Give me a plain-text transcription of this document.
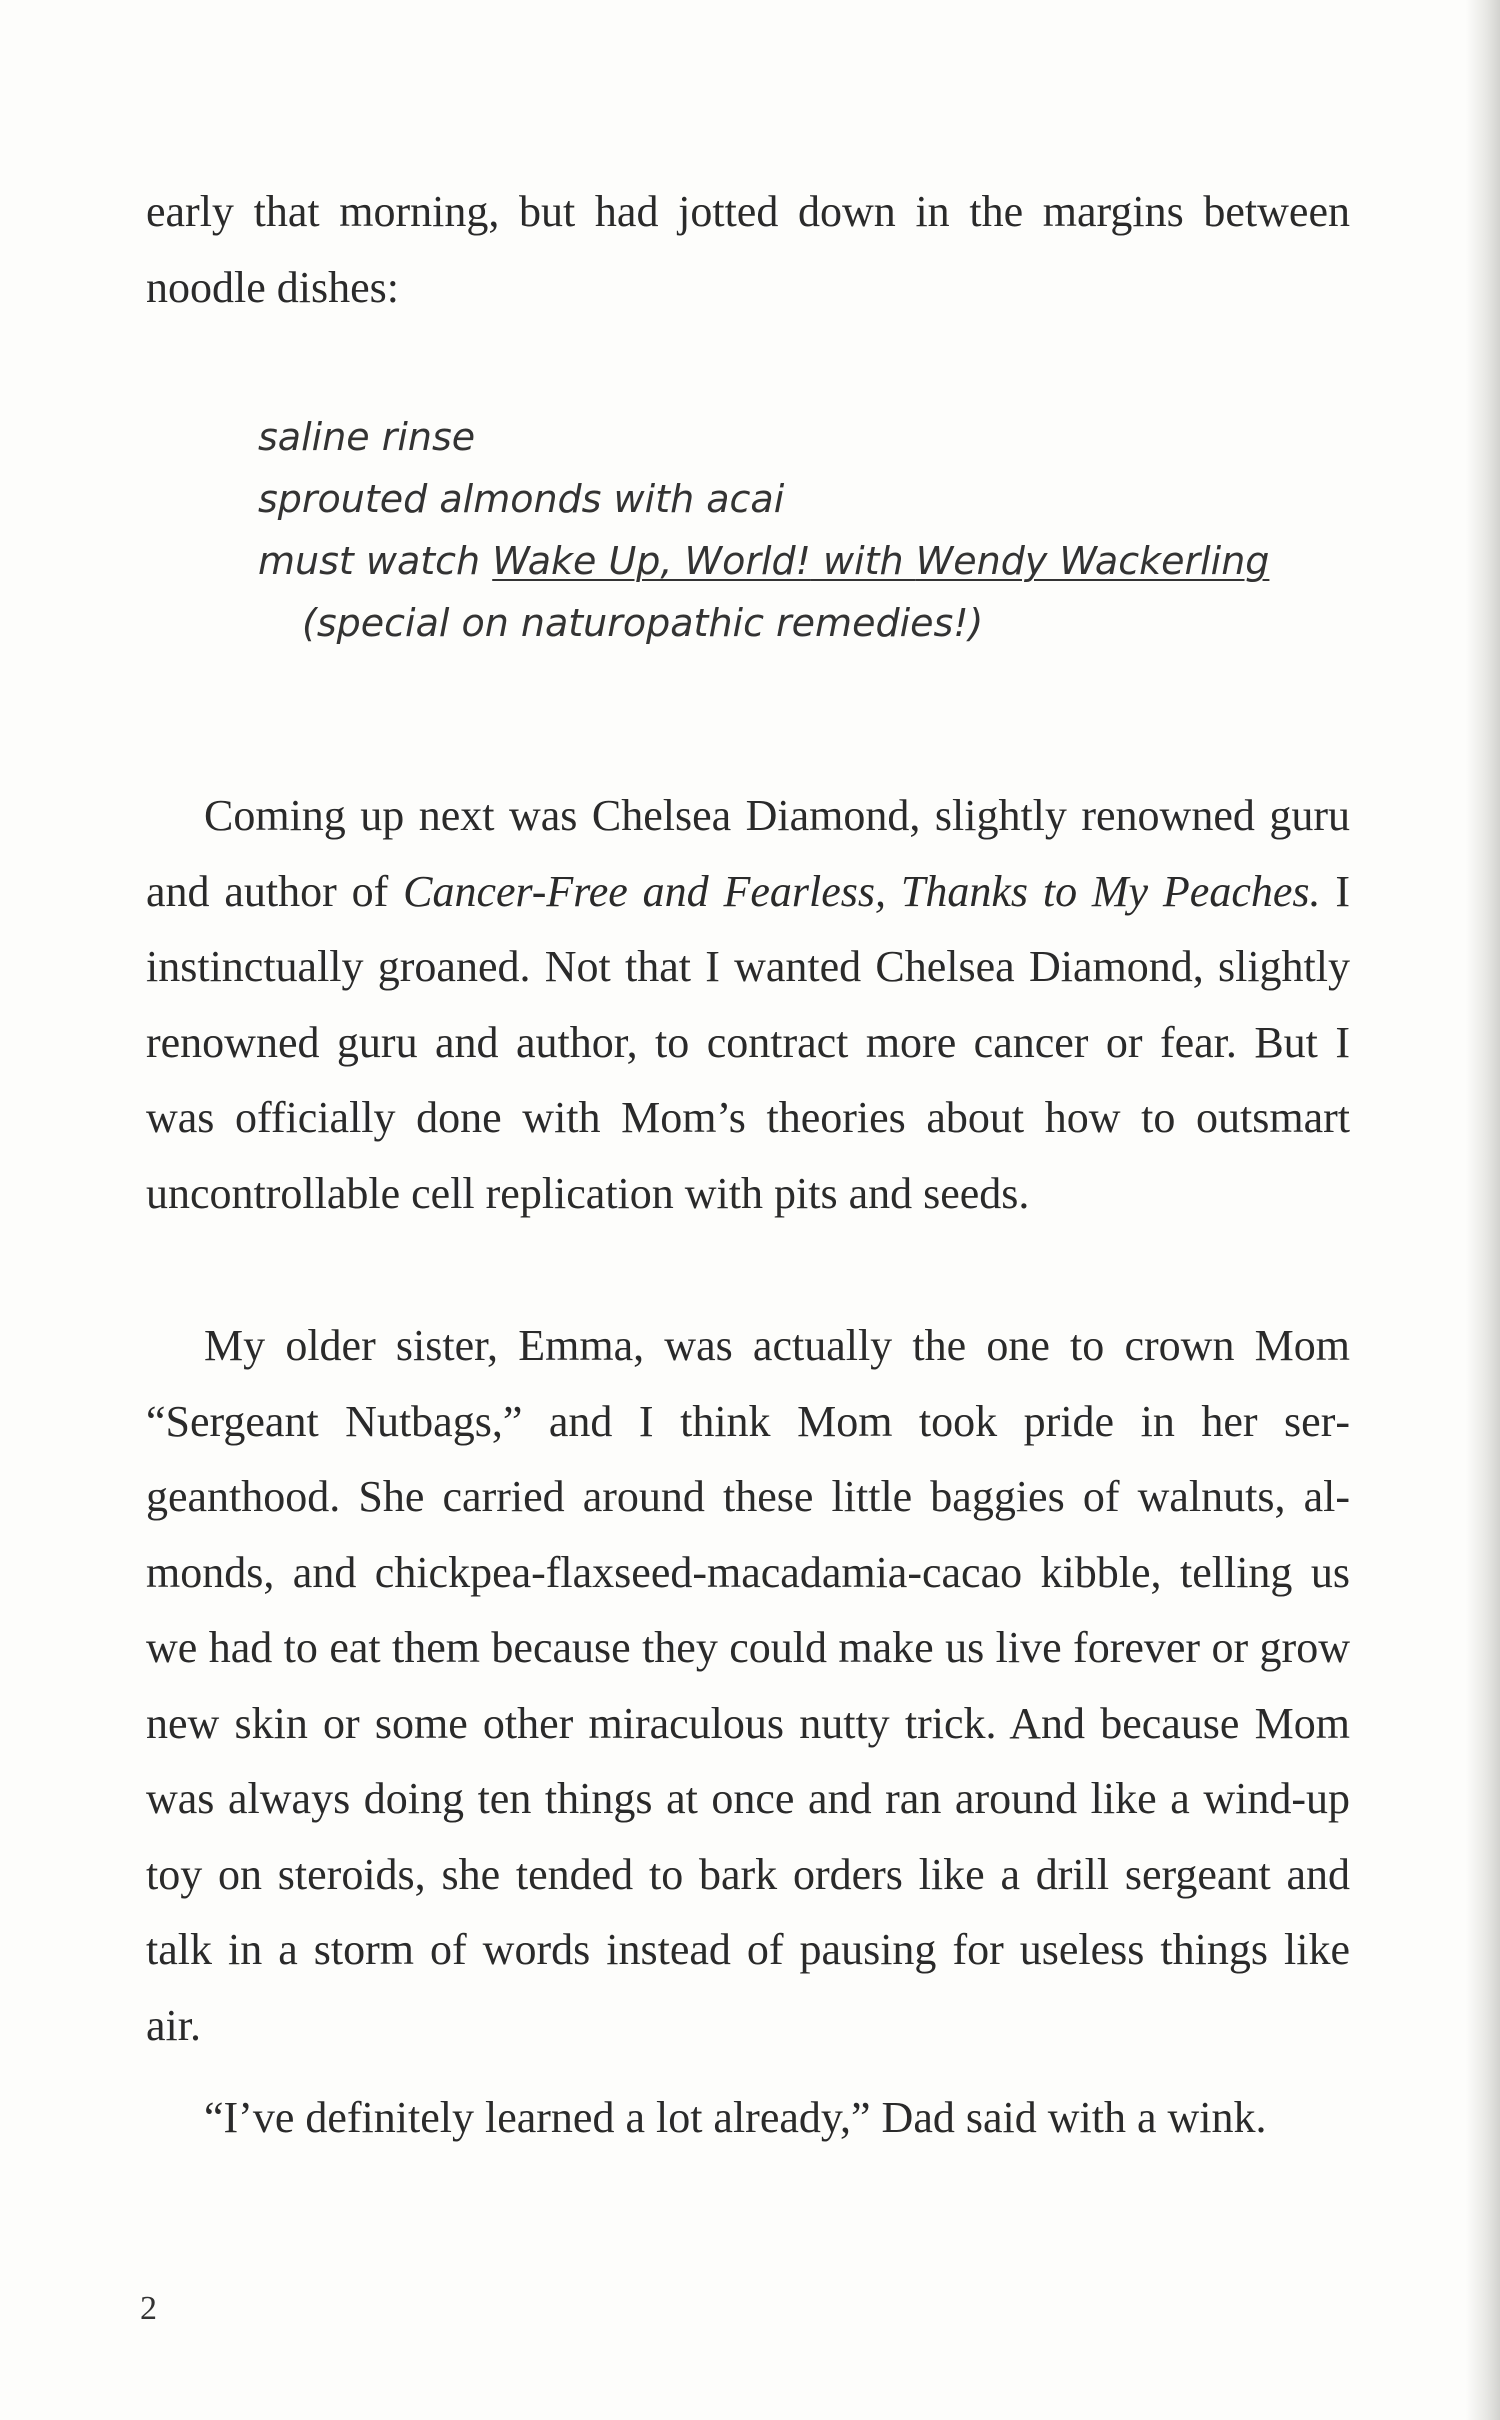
early that morning, but had jotted down in the margins between noodle dishes:

saline rinse
sprouted almonds with acai
must watch Wake Up, World! with Wendy Wackerling
(special on naturopathic remedies!)

Coming up next was Chelsea Diamond, slightly renowned guru and author of Cancer-Free and Fearless, Thanks to My Peaches. I instinctually groaned. Not that I wanted Chelsea Diamond, slightly renowned guru and author, to contract more cancer or fear. But I was officially done with Mom’s theories about how to outsmart uncontrollable cell replication with pits and seeds.

My older sister, Emma, was actually the one to crown Mom “Sergeant Nutbags,” and I think Mom took pride in her sergeanthood. She carried around these little baggies of walnuts, almonds, and chickpea-flaxseed-macadamia-cacao kibble, telling us we had to eat them because they could make us live forever or grow new skin or some other miraculous nutty trick. And because Mom was always doing ten things at once and ran around like a wind-up toy on steroids, she tended to bark orders like a drill sergeant and talk in a storm of words instead of pausing for useless things like air.

“I’ve definitely learned a lot already,” Dad said with a wink.

2
